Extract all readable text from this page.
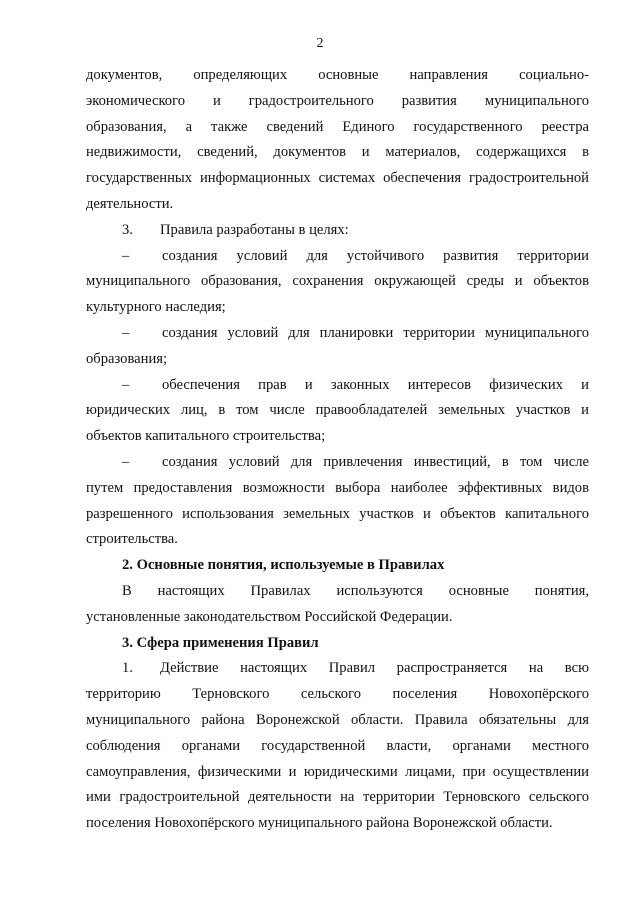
2

документов, определяющих основные направления социально-

экономического и градостроительного развития муниципального

образования, а также сведений Единого государственного реестра

недвижимости, сведений, документов и материалов, содержащихся в

государственных информационных системах обеспечения градостроительной

деятельности.

3. Правила разработаны в целях:

– создания условий для устойчивого развития территории

муниципального образования, сохранения окружающей среды и объектов

культурного наследия;

– создания условий для планировки территории муниципального

образования;

– обеспечения прав и законных интересов физических и

юридических лиц, в том числе правообладателей земельных участков и

объектов капитального строительства;

– создания условий для привлечения инвестиций, в том числе

путем предоставления возможности выбора наиболее эффективных видов

разрешенного использования земельных участков и объектов капитального

строительства.

2. Основные понятия, используемые в Правилах

В настоящих Правилах используются основные понятия,

установленные законодательством Российской Федерации.

3. Сфера применения Правил

1. Действие настоящих Правил распространяется на всю

территорию Терновского сельского поселения Новохопёрского

муниципального района Воронежской области. Правила обязательны для

соблюдения органами государственной власти, органами местного

самоуправления, физическими и юридическими лицами, при осуществлении

ими градостроительной деятельности на территории Терновского сельского

поселения Новохопёрского муниципального района Воронежской области.
